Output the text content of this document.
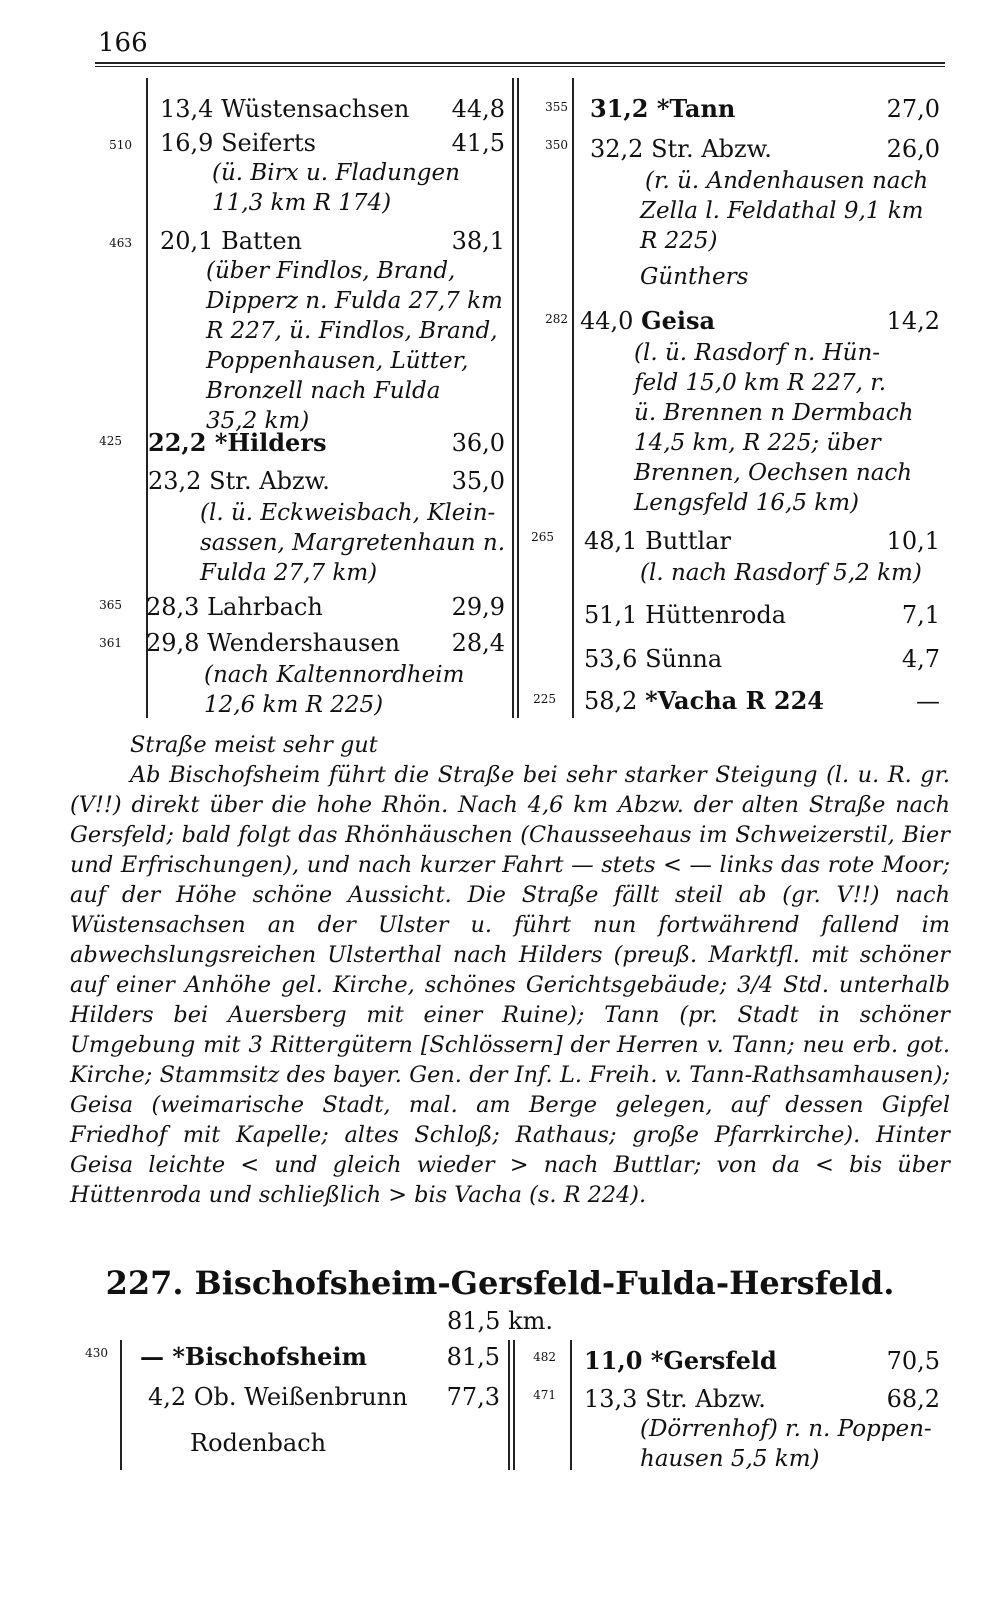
166
13,4 Wüstensachsen	44,8
510 16,9 Seiferts	41,5
(ü. Birx u. Fladungen
11,3 km R 174)
463 20,1 Batten	38,1
(über Findlos, Brand,
Dipperz n. Fulda 27,7 km
R 227, ü. Findlos, Brand,
Poppenhausen, Lütter,
Bronzell nach Fulda
35,2 km)
425 22,2 *Hilders	36,0
23,2 Str. Abzw.	35,0
(l. ü. Eckweisbach, Klein-
sassen, Margretenhaun n.
Fulda 27,7 km)
365 28,3 Lahrbach	29,9
361 29,8 Wendershausen	28,4
(nach Kaltennordheim
12,6 km R 225)
355 31,2 *Tann	27,0
350 32,2 Str. Abzw.	26,0
(r. ü. Andenhausen nach
Zella l. Feldathal 9,1 km
R 225)
Günthers
282 44,0 Geisa	14,2
(l. ü. Rasdorf n. Hün-
feld 15,0 km R 227, r.
ü. Brennen n Dermbach
14,5 km, R 225; über
Brennen, Oechsen nach
Lengsfeld 16,5 km)
265 48,1 Buttlar	10,1
(l. nach Rasdorf 5,2 km)
51,1 Hüttenroda	7,1
53,6 Sünna	4,7
225 58,2 *Vacha R 224	—

Straße meist sehr gut

Ab Bischofsheim führt die Straße bei sehr starker Steigung (l. u. R. gr. (V!!) direkt über die hohe Rhön. Nach 4,6 km Abzw. der alten Straße nach Gersfeld; bald folgt das Rhönhäuschen (Chausseehaus im Schweizerstil, Bier und Erfrischungen), und nach kurzer Fahrt — stets < — links das rote Moor; auf der Höhe schöne Aussicht. Die Straße fällt steil ab (gr. V!!) nach Wüstensachsen an der Ulster u. führt nun fortwährend fallend im abwechslungsreichen Ulsterthal nach Hilders (preuß. Marktfl. mit schöner auf einer Anhöhe gel. Kirche, schönes Gerichtsgebäude; 3/4 Std. unterhalb Hilders bei Auersberg mit einer Ruine); Tann (pr. Stadt in schöner Umgebung mit 3 Rittergütern [Schlössern] der Herren v. Tann; neu erb. got. Kirche; Stammsitz des bayer. Gen. der Inf. L. Freih. v. Tann-Rathsamhausen); Geisa (weimarische Stadt, mal. am Berge gelegen, auf dessen Gipfel Friedhof mit Kapelle; altes Schloß; Rathaus; große Pfarrkirche). Hinter Geisa leichte < und gleich wieder > nach Buttlar; von da < bis über Hüttenroda und schließlich > bis Vacha (s. R 224).

227. Bischofsheim-Gersfeld-Fulda-Hersfeld.
81,5 km.
430 — *Bischofsheim	81,5
4,2 Ob. Weißenbrunn	77,3
Rodenbach
482 11,0 *Gersfeld	70,5
471 13,3 Str. Abzw.	68,2
(Dörrenhof) r. n. Poppen-
hausen 5,5 km)
